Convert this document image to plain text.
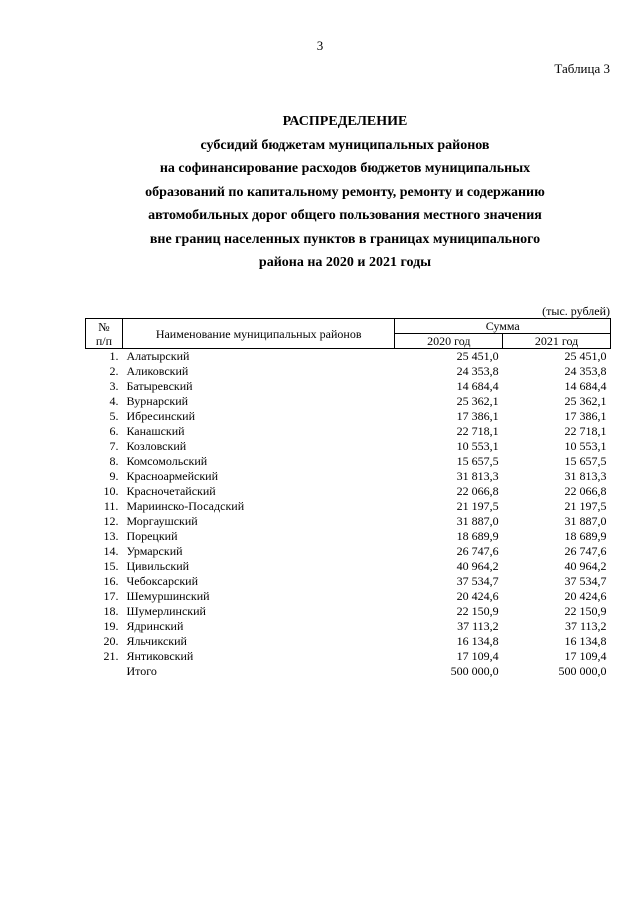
3
Таблица 3
РАСПРЕДЕЛЕНИЕ
субсидий бюджетам муниципальных районов
на софинансирование расходов бюджетов муниципальных
образований по капитальному ремонту, ремонту и содержанию
автомобильных дорог общего пользования местного значения
вне границ населенных пунктов в границах муниципального
района на 2020 и 2021 годы
(тыс. рублей)
№
п/п	Наименование муниципальных районов	Сумма	
		2020 год	2021 год
1.	Алатырский	25 451,0	25 451,0
2.	Аликовский	24 353,8	24 353,8
3.	Батыревский	14 684,4	14 684,4
4.	Вурнарский	25 362,1	25 362,1
5.	Ибресинский	17 386,1	17 386,1
6.	Канашский	22 718,1	22 718,1
7.	Козловский	10 553,1	10 553,1
8.	Комсомольский	15 657,5	15 657,5
9.	Красноармейский	31 813,3	31 813,3
10.	Красночетайский	22 066,8	22 066,8
11.	Мариинско-Посадский	21 197,5	21 197,5
12.	Моргаушский	31 887,0	31 887,0
13.	Порецкий	18 689,9	18 689,9
14.	Урмарский	26 747,6	26 747,6
15.	Цивильский	40 964,2	40 964,2
16.	Чебоксарский	37 534,7	37 534,7
17.	Шемуршинский	20 424,6	20 424,6
18.	Шумерлинский	22 150,9	22 150,9
19.	Ядринский	37 113,2	37 113,2
20.	Яльчикский	16 134,8	16 134,8
21.	Янтиковский	17 109,4	17 109,4
	Итого	500 000,0	500 000,0
